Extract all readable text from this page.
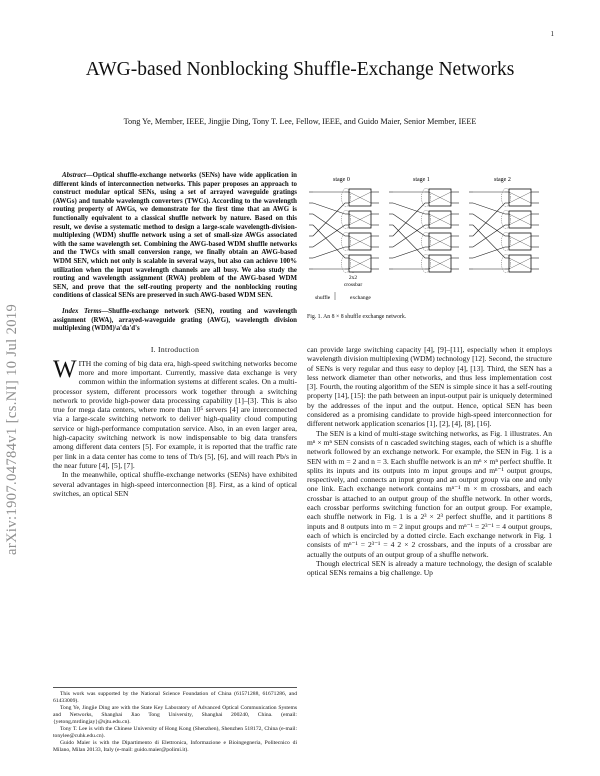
1
arXiv:1907.04784v1 [cs.NI] 10 Jul 2019
AWG-based Nonblocking Shuffle-Exchange Networks
Tong Ye, Member, IEEE, Jingjie Ding, Tony T. Lee, Fellow, IEEE, and Guido Maier, Senior Member, IEEE

Abstract—Optical shuffle-exchange networks (SENs) have wide application in different kinds of interconnection networks. This paper proposes an approach to construct modular optical SENs, using a set of arrayed waveguide gratings (AWGs) and tunable wavelength converters (TWCs). According to the wavelength routing property of AWGs, we demonstrate for the first time that an AWG is functionally equivalent to a classical shuffle network by nature. Based on this result, we devise a systematic method to design a large-scale wavelength-division-multiplexing (WDM) shuffle network using a set of small-size AWGs associated with the same wavelength set. Combining the AWG-based WDM shuffle networks and the TWCs with small conversion range, we finally obtain an AWG-based WDM SEN, which not only is scalable in several ways, but also can achieve 100% utilization when the input wavelength channels are all busy. We also study the routing and wavelength assignment (RWA) problem of the AWG-based WDM SEN, and prove that the self-routing property and the nonblocking routing conditions of classical SENs are preserved in such AWG-based WDM SEN.

Index Terms—Shuffle-exchange network (SEN), routing and wavelength assignment (RWA), arrayed-waveguide grating (AWG), wavelength division multiplexing (WDM)\a'da'd's

I. Introduction

WITH the coming of big data era, high-speed switching networks become more and more important. Currently, massive data exchange is very common within the information systems at different scales. On a multi-processor system, different processors work together through a switching network to provide high-power data processing capability [1]–[3]. This is also true for mega data centers, where more than 10⁵ servers [4] are interconnected via a large-scale switching network to deliver high-quality cloud computing service or high-performance computation service. Also, in an even larger area, high-capacity switching network is now indispensable to big data transfers among different data centers [5]. For example, it is reported that the traffic rate per link in a data center has come to tens of Tb/s [5], [6], and will reach Pb/s in the near future [4], [5], [7].

In the meanwhile, optical shuffle-exchange networks (SENs) have exhibited several advantages in high-speed interconnection [8]. First, as a kind of optical switches, an optical SEN

This work was supported by the National Science Foundation of China (61571288, 61671286, and 61433009).

Tong Ye, Jingjie Ding are with the State Key Laboratory of Advanced Optical Communication Systems and Networks, Shanghai Jiao Tong University, Shanghai 200240, China. (email: {yetong,mrdingjay}@sjtu.edu.cn).

Tony T. Lee is with the Chinese University of Hong Kong (Shenzhen), Shenzhen 518172, China (e-mail: tonylee@cuhk.edu.cn).

Guido Maier is with the Dipartimento di Elettronica, Informazione e Bioingegneria, Politecnico di Milano, Milan 20133, Italy (e-mail: guido.maier@polimi.it).

stage 0	stage 1	stage 2
2x2
crossbar
shuffle	exchange
Fig. 1. An 8 × 8 shuffle exchange network.

can provide large switching capacity [4], [9]–[11], especially when it employs wavelength division multiplexing (WDM) technology [12]. Second, the structure of SENs is very regular and thus easy to deploy [4], [13]. Third, the SEN has a less network diameter than other networks, and thus less implementation cost [3]. Fourth, the routing algorithm of the SEN is simple since it has a self-routing property [14], [15]: the path between an input-output pair is uniquely determined by the addresses of the input and the output. Hence, optical SEN has been considered as a promising candidate to provide high-speed interconnection for different network application scenarios [1], [2], [4], [8], [16].

The SEN is a kind of multi-stage switching networks, as Fig. 1 illustrates. An mⁿ × mⁿ SEN consists of n cascaded switching stages, each of which is a shuffle network followed by an exchange network. For example, the SEN in Fig. 1 is a SEN with m = 2 and n = 3. Each shuffle network is an mⁿ × mⁿ perfect shuffle. It splits its inputs and its outputs into m input groups and mⁿ⁻¹ output groups, respectively, and connects an input group and an output group via one and only one link. Each exchange network contains mⁿ⁻¹ m × m crossbars, and each crossbar is attached to an output group of the shuffle network. In other words, each crossbar performs switching function for an output group. For example, each shuffle network in Fig. 1 is a 2³ × 2³ perfect shuffle, and it partitions 8 inputs and 8 outputs into m = 2 input groups and mⁿ⁻¹ = 2³⁻¹ = 4 output groups, each of which is encircled by a dotted circle. Each exchange network in Fig. 1 consists of mⁿ⁻¹ = 2³⁻¹ = 4 2 × 2 crossbars, and the inputs of a crossbar are actually the outputs of an output group of a shuffle network.

Though electrical SEN is already a mature technology, the design of scalable optical SENs remains a big challenge. Up
